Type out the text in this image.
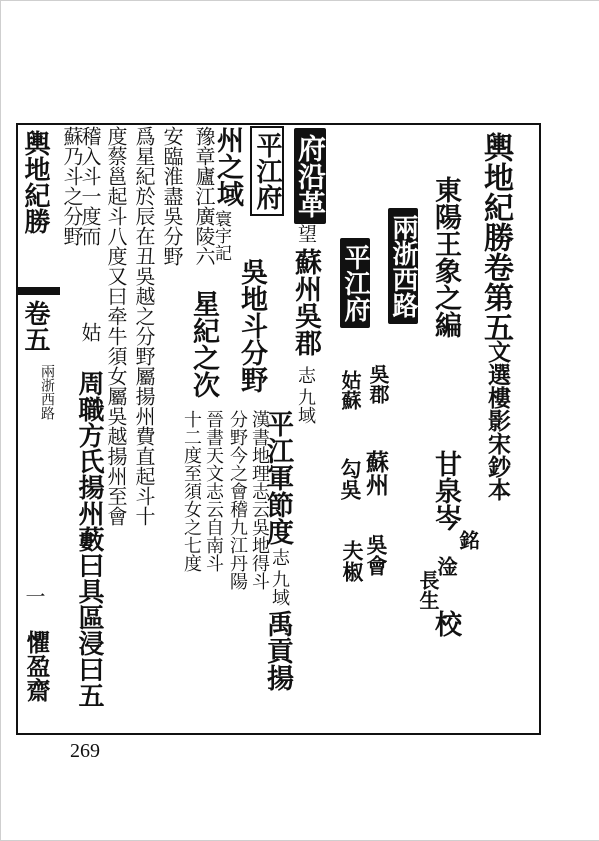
輿地紀勝卷第五
文選樓影宋鈔本
東陽王象之編
甘泉岑
銘
淦
長生
校
兩浙西路
平江府
吳郡
蘇州
吳會
姑蘇
勾吳
夫椒
府沿革
望
蘇州吳郡
志
九域
平江軍節度
志
九域
禹貢揚
平江府
州之域
寰宇記
吳地斗分野
漢書地理志云吳地得斗
分野今之會稽九江丹陽
豫章廬江廣陵六
星紀之次
晉書天文志云自南斗
十二度至須女之七度
安臨淮盡吳分野
爲星紀於辰在丑吳越之分野屬揚州費直起斗十
度蔡邕起斗八度又曰牵牛須女屬吳越揚州至會
稽入斗一度而
姑
周職方氏揚州藪曰具區浸曰五
蘇乃斗之分野
輿地紀勝
卷五
兩浙西路
一
懼盈齋
269
